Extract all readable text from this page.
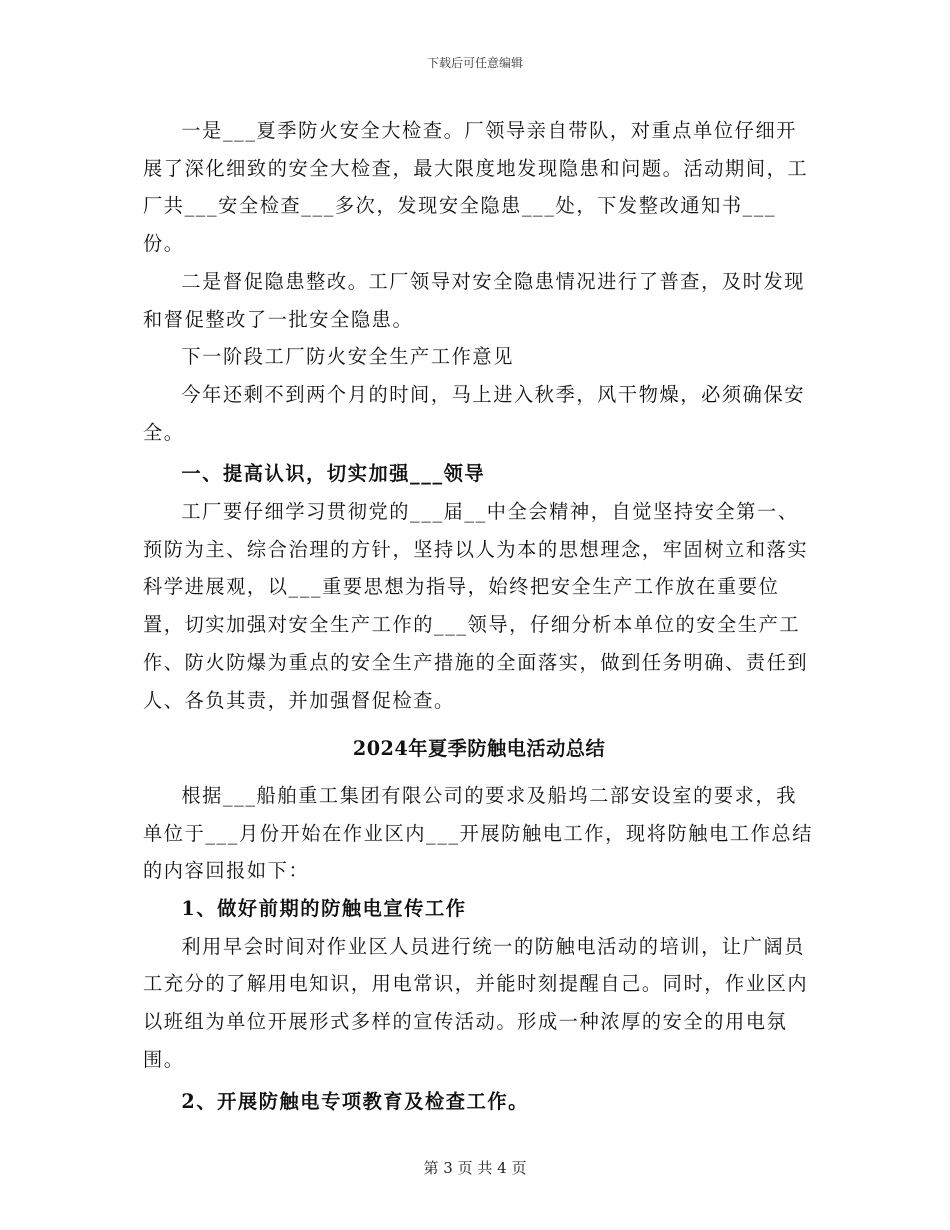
下载后可任意编辑

一是___夏季防火安全大检查。厂领导亲自带队，对重点单位仔细开展了深化细致的安全大检查，最大限度地发现隐患和问题。活动期间，工厂共___安全检查___多次，发现安全隐患___处，下发整改通知书___份。

二是督促隐患整改。工厂领导对安全隐患情况进行了普查，及时发现和督促整改了一批安全隐患。

下一阶段工厂防火安全生产工作意见

今年还剩不到两个月的时间，马上进入秋季，风干物燥，必须确保安全。

一、提高认识，切实加强___领导

工厂要仔细学习贯彻党的___届__中全会精神，自觉坚持安全第一、预防为主、综合治理的方针，坚持以人为本的思想理念，牢固树立和落实科学进展观，以___重要思想为指导，始终把安全生产工作放在重要位置，切实加强对安全生产工作的___领导，仔细分析本单位的安全生产工作、防火防爆为重点的安全生产措施的全面落实，做到任务明确、责任到人、各负其责，并加强督促检查。

2024年夏季防触电活动总结

根据___船舶重工集团有限公司的要求及船坞二部安设室的要求，我单位于___月份开始在作业区内___开展防触电工作，现将防触电工作总结的内容回报如下：

1、做好前期的防触电宣传工作

利用早会时间对作业区人员进行统一的防触电活动的培训，让广阔员工充分的了解用电知识，用电常识，并能时刻提醒自己。同时，作业区内以班组为单位开展形式多样的宣传活动。形成一种浓厚的安全的用电氛围。

2、开展防触电专项教育及检查工作。

第 3 页 共 4 页
